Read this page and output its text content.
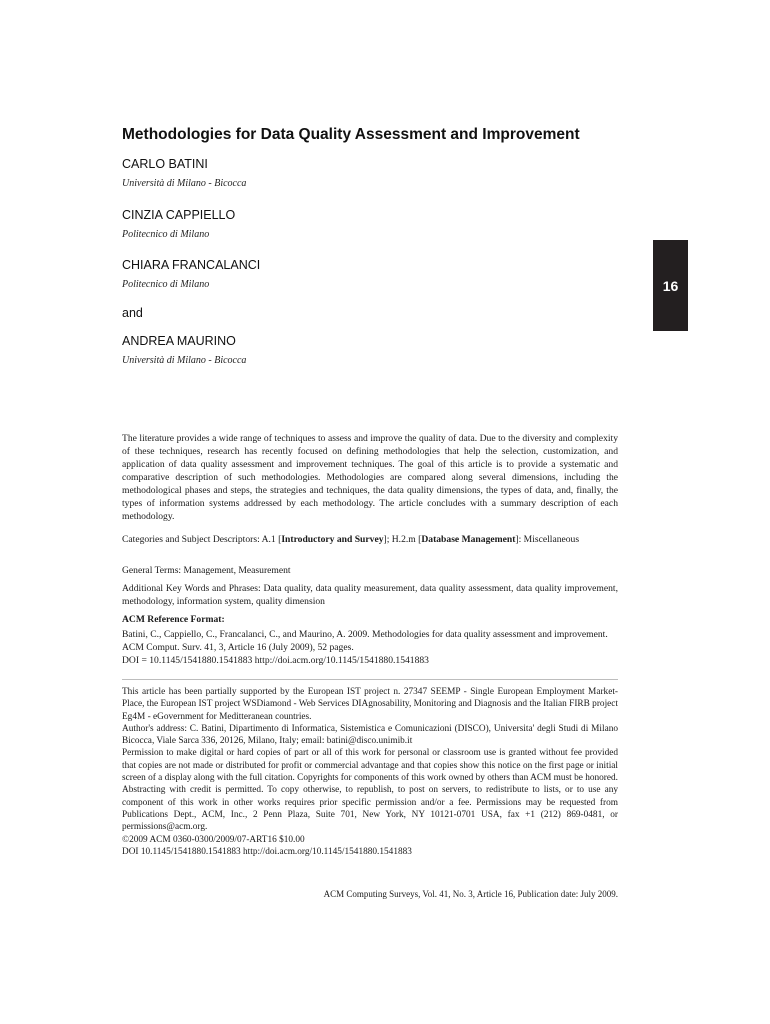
Methodologies for Data Quality Assessment and Improvement
CARLO BATINI
Università di Milano - Bicocca
CINZIA CAPPIELLO
Politecnico di Milano
CHIARA FRANCALANCI
Politecnico di Milano
and
ANDREA MAURINO
Università di Milano - Bicocca
16

The literature provides a wide range of techniques to assess and improve the quality of data. Due to the diversity and complexity of these techniques, research has recently focused on defining methodologies that help the selection, customization, and application of data quality assessment and improvement techniques. The goal of this article is to provide a systematic and comparative description of such methodologies. Methodologies are compared along several dimensions, including the methodological phases and steps, the strategies and techniques, the data quality dimensions, the types of data, and, finally, the types of information systems addressed by each methodology. The article concludes with a summary description of each methodology.

Categories and Subject Descriptors: A.1 [Introductory and Survey]; H.2.m [Database Management]: Miscellaneous

General Terms: Management, Measurement

Additional Key Words and Phrases: Data quality, data quality measurement, data quality assessment, data quality improvement, methodology, information system, quality dimension

ACM Reference Format:

Batini, C., Cappiello, C., Francalanci, C., and Maurino, A. 2009. Methodologies for data quality assessment and improvement. ACM Comput. Surv. 41, 3, Article 16 (July 2009), 52 pages.

DOI = 10.1145/1541880.1541883 http://doi.acm.org/10.1145/1541880.1541883

This article has been partially supported by the European IST project n. 27347 SEEMP - Single European Employment Market-Place, the European IST project WSDiamond - Web Services DIAgnosability, Monitoring and Diagnosis and the Italian FIRB project Eg4M - eGovernment for Meditteranean countries.

Author's address: C. Batini, Dipartimento di Informatica, Sistemistica e Comunicazioni (DISCO), Universita' degli Studi di Milano Bicocca, Viale Sarca 336, 20126, Milano, Italy; email: batini@disco.unimib.it

Permission to make digital or hard copies of part or all of this work for personal or classroom use is granted without fee provided that copies are not made or distributed for profit or commercial advantage and that copies show this notice on the first page or initial screen of a display along with the full citation. Copyrights for components of this work owned by others than ACM must be honored. Abstracting with credit is permitted. To copy otherwise, to republish, to post on servers, to redistribute to lists, or to use any component of this work in other works requires prior specific permission and/or a fee. Permissions may be requested from Publications Dept., ACM, Inc., 2 Penn Plaza, Suite 701, New York, NY 10121-0701 USA, fax +1 (212) 869-0481, or permissions@acm.org.

©2009 ACM 0360-0300/2009/07-ART16 $10.00

DOI 10.1145/1541880.1541883 http://doi.acm.org/10.1145/1541880.1541883

ACM Computing Surveys, Vol. 41, No. 3, Article 16, Publication date: July 2009.
